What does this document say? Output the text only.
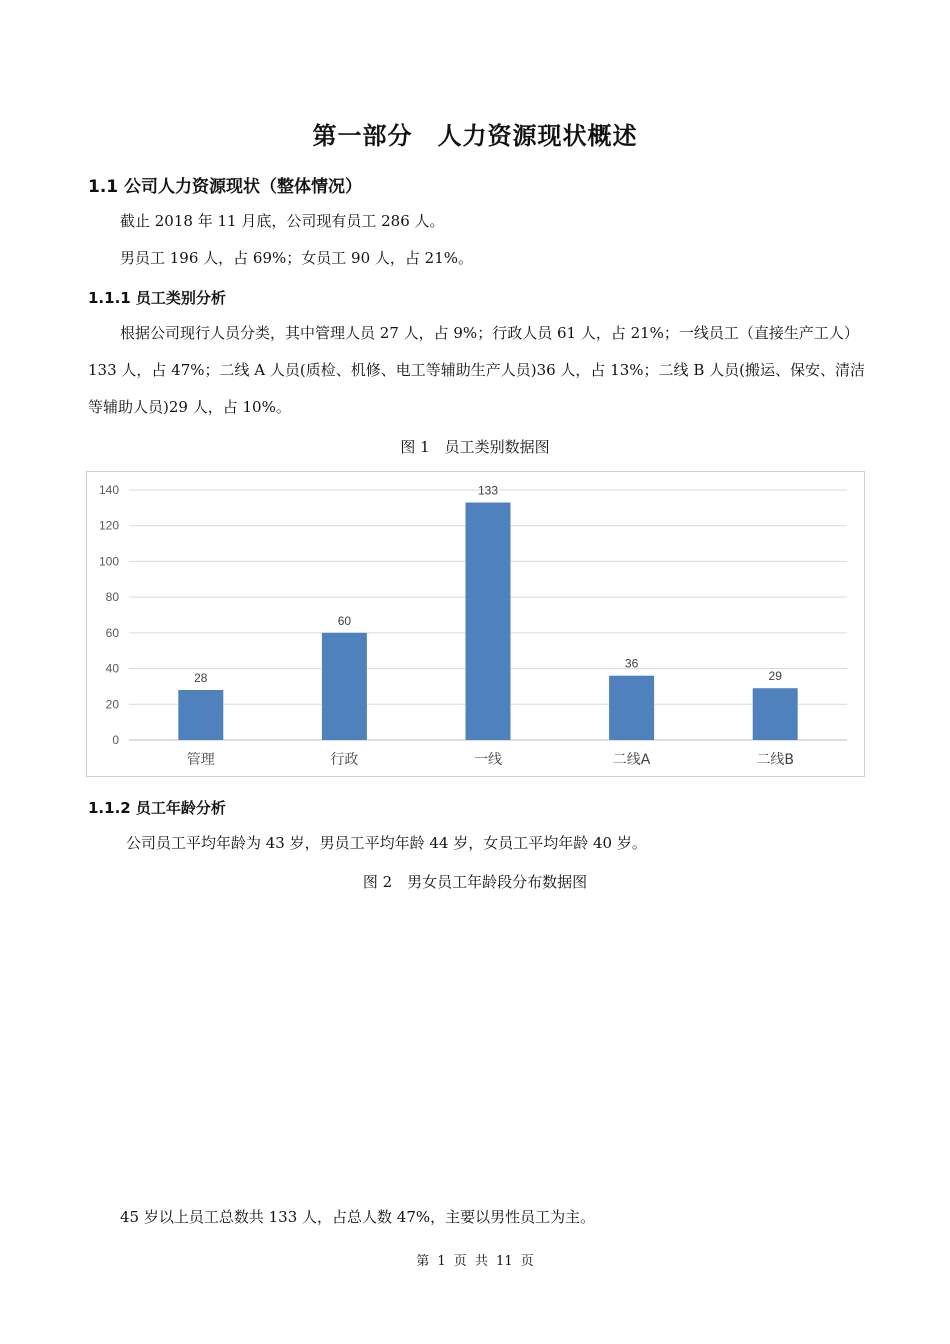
第一部分　人力资源现状概述
1.1 公司人力资源现状（整体情况）
截止 2018 年 11 月底，公司现有员工 286 人。
男员工 196 人，占 69%；女员工 90 人，占 21%。
1.1.1 员工类别分析
根据公司现行人员分类，其中管理人员 27 人，占 9%；行政人员 61 人，占 21%；一线员工（直接生产工人）133 人，占 47%；二线 A 人员(质检、机修、电工等辅助生产人员)36 人，占 13%；二线 B 人员(搬运、保安、清洁等辅助人员)29 人，占 10%。
图 1　员工类别数据图
0
20
40
60
80
100
120
140
28
管理
60
行政
133
一线
36
二线A
29
二线B
1.1.2 员工年龄分析
公司员工平均年龄为 43 岁，男员工平均年龄 44 岁，女员工平均年龄 40 岁。
图 2　男女员工年龄段分布数据图
45 岁以上员工总数共 133 人，占总人数 47%，主要以男性员工为主。
第 1 页 共 11 页
